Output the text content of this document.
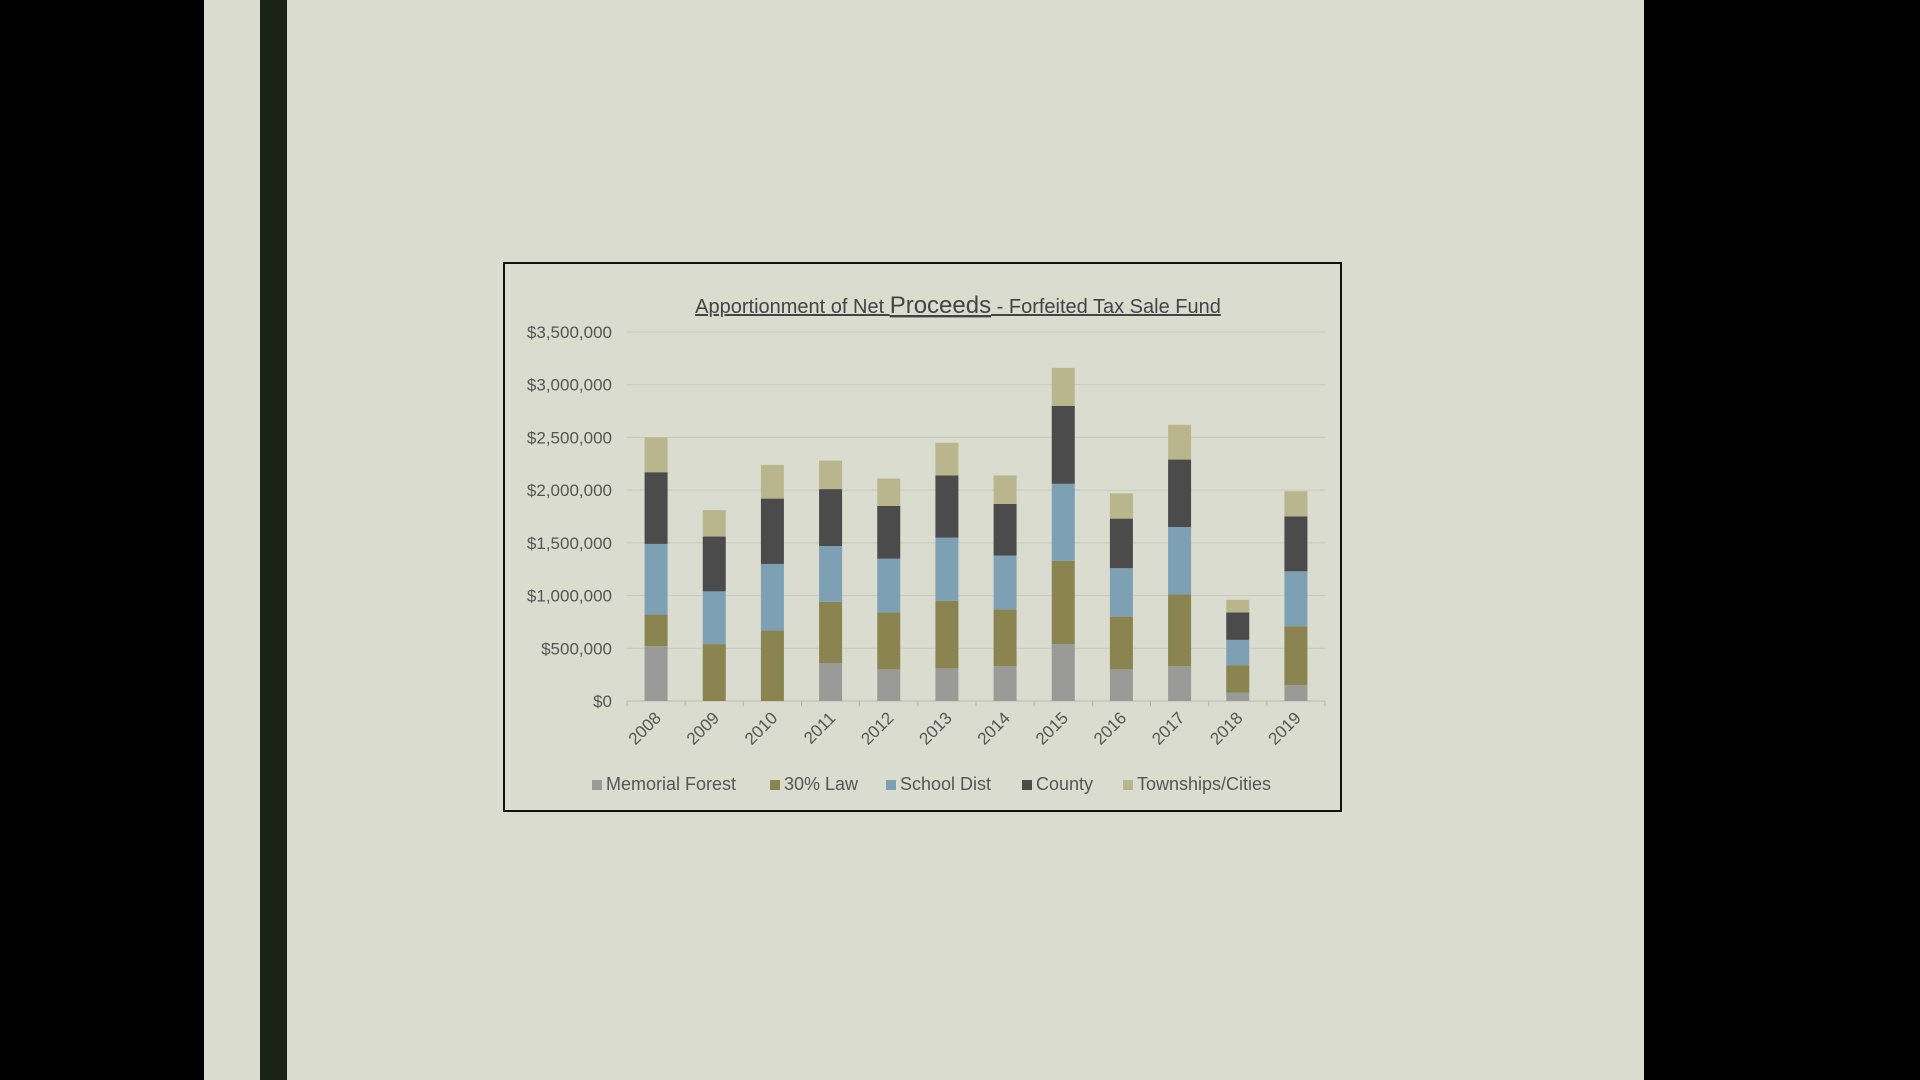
Apportionment of Net Proceeds - Forfeited Tax Sale Fund
$0
$500,000
$1,000,000
$1,500,000
$2,000,000
$2,500,000
$3,000,000
$3,500,000
2008 2009 2010 2011 2012 2013 2014 2015 2016 2017 2018 2019
Memorial Forest	30% Law School Dist County Townships/Cities
